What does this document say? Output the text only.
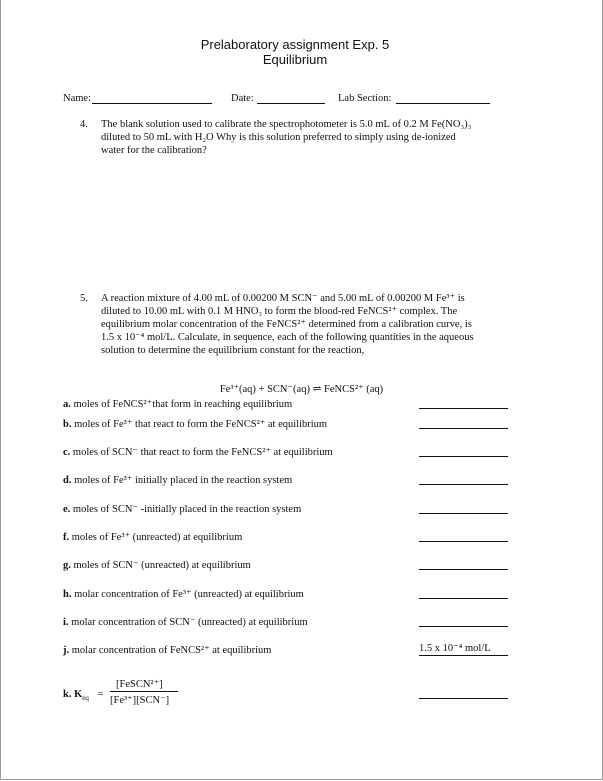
Prelaboratory assignment Exp. 5
Equilibrium
Name:	Date:	Lab Section:
4. The blank solution used to calibrate the spectrophotometer is 5.0 mL of 0.2 M Fe(NO₃)₃
diluted to 50 mL with H₂O Why is this solution preferred to simply using de-ionized
water for the calibration?
5. A reaction mixture of 4.00 mL of 0.00200 M SCN⁻ and 5.00 mL of 0.00200 M Fe³⁺ is
diluted to 10.00 mL with 0.1 M HNO₃ to form the blood-red FeNCS²⁺ complex. The
equilibrium molar concentration of the FeNCS²⁺ determined from a calibration curve, is
1.5 x 10⁻⁴ mol/L. Calculate, in sequence, each of the following quantities in the aqueous
solution to determine the equilibrium constant for the reaction,
Fe³⁺(aq) + SCN⁻(aq) ⇌ FeNCS²⁺ (aq)
a. moles of FeNCS²⁺that form in reaching equilibrium
b. moles of Fe³⁺ that react to form the FeNCS²⁺ at equilibrium
c. moles of SCN⁻ that react to form the FeNCS²⁺ at equilibrium
d. moles of Fe³⁺ initially placed in the reaction system
e. moles of SCN⁻ -initially placed in the reaction system
f. moles of Fe³⁺ (unreacted) at equilibrium
g. moles of SCN⁻ (unreacted) at equilibrium
h. molar concentration of Fe³⁺ (unreacted) at equilibrium
i. molar concentration of SCN⁻ (unreacted) at equilibrium
j. molar concentration of FeNCS²⁺ at equilibrium	1.5 x 10⁻⁴ mol/L
k. $K_{eq}$ =
[FeSCN²⁺]
[Fe³⁺][SCN⁻]
